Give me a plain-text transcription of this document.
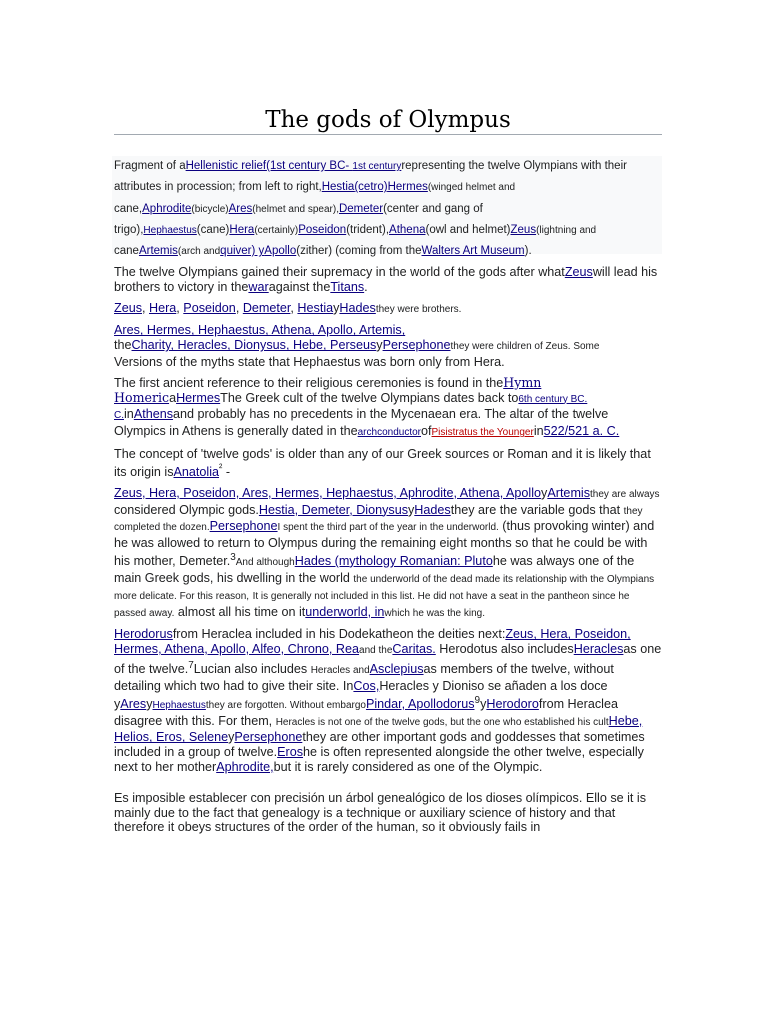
The gods of Olympus
Fragment of aHellenistic relief(1st century BC- 1st centuryrepresenting the twelve Olympians with their
attributes in procession; from left to right,Hestia(cetro)Hermes(winged helmet and
cane,Aphrodite(bicycle)Ares(helmet and spear),Demeter(center and gang of
trigo),Hephaestus(cane)Hera(certainly)Poseidon(trident),Athena(owl and helmet)Zeus(lightning and
caneArtemis(arch andquiver) yApollo(zither) (coming from theWalters Art Museum).

The twelve Olympians gained their supremacy in the world of the gods after whatZeuswill lead his brothers to victory in thewaragainst theTitans.

Zeus, Hera, Poseidon, Demeter, HestiayHadesthey were brothers.

Ares, Hermes, Hephaestus, Athena, Apollo, Artemis,
theCharity, Heracles, Dionysus, Hebe, PerseusyPersephonethey were children of Zeus. Some
Versions of the myths state that Hephaestus was born only from Hera.

The first ancient reference to their religious ceremonies is found in theHymn HomericaHermesThe Greek cult of the twelve Olympians dates back to6th century BC. C.inAthensand probably has no precedents in the Mycenaean era. The altar of the twelve Olympics in Athens is generally dated in thearchconductorofPisistratus the Youngerin522/521 a. C.

The concept of 'twelve gods' is older than any of our Greek sources or Roman and it is likely that its origin isAnatolia$^{^2}$ -

Zeus, Hera, Poseidon, Ares, Hermes, Hephaestus, Aphrodite, Athena, ApolloyArtemisthey are always considered Olympic gods.Hestia, Demeter, DionysusyHadesthey are the variable gods that they completed the dozen.PersephoneI spent the third part of the year in the underworld. (thus provoking winter) and he was allowed to return to Olympus during the remaining eight months so that he could be with his mother, Demeter.$^3$And althoughHades (mythology Romanian: Plutohe was always one of the main Greek gods, his dwelling in the world the underworld of the dead made its relationship with the Olympians more delicate. For this reason, It is generally not included in this list. He did not have a seat in the pantheon since he passed away. almost all his time on itunderworld, inwhich he was the king.

Herodorusfrom Heraclea included in his Dodekatheon the deities next:Zeus, Hera, Poseidon, Hermes, Athena, Apollo, Alfeo, Chrono, Reaand theCaritas. Herodotus also includesHeraclesas one of the twelve.$^7$Lucian also includes Heracles andAsclepiusas members of the twelve, without detailing which two had to give their site. InCos,Heracles y Dioniso se añaden a los doce yAresyHephaestusthey are forgotten. Without embargoPindar, Apollodorus$^9$yHerodorofrom Heraclea disagree with this. For them, Heracles is not one of the twelve gods, but the one who established his cultHebe, Helios, Eros, SeleneyPersephonethey are other important gods and goddesses that sometimes included in a group of twelve.Eroshe is often represented alongside the other twelve, especially next to her motherAphrodite,but it is rarely considered as one of the Olympic.

Es imposible establecer con precisión un árbol genealógico de los dioses olímpicos. Ello se it is mainly due to the fact that genealogy is a technique or auxiliary science of history and that therefore it obeys structures of the order of the human, so it obviously fails in
